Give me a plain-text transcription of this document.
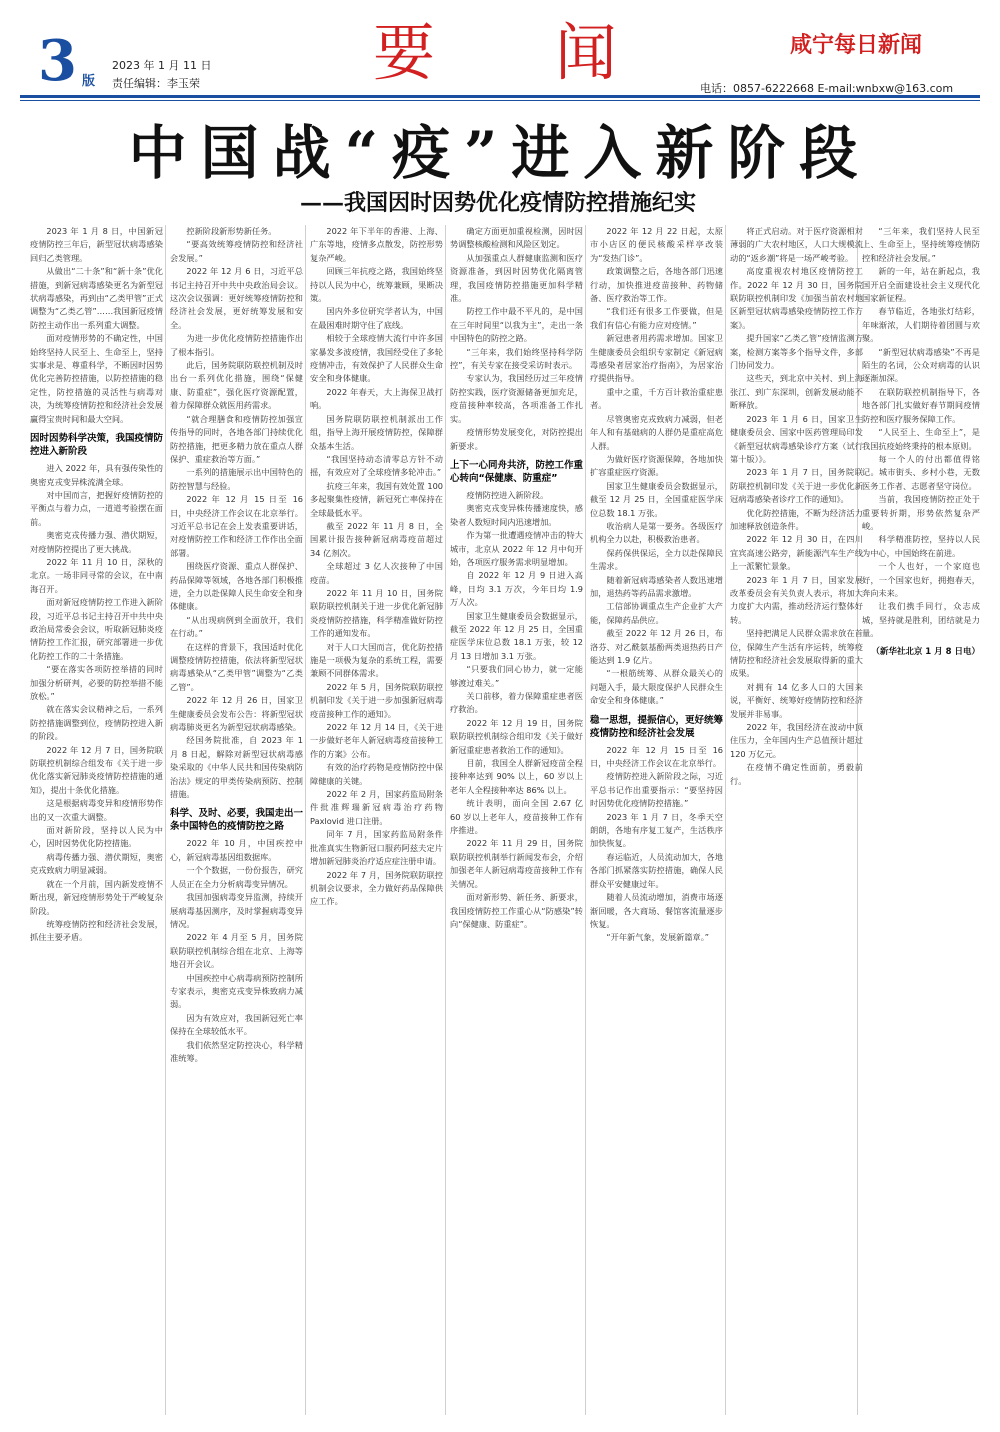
3 版
2023 年 1 月 11 日
责任编辑：李玉荣	要闻	咸宁每日新闻
电话：0857-6222668 E-mail:wnbxw@163.com
中国战“疫”进入新阶段
——我国因时因势优化疫情防控措施纪实

2023 年 1 月 8 日，中国新冠疫情防控三年后，新型冠状病毒感染回归乙类管理。

从做出“二十条”和“新十条”优化措施，到新冠病毒感染更名为新型冠状病毒感染，再到由“乙类甲管”正式调整为“乙类乙管”……我国新冠疫情防控主动作出一系列重大调整。

面对疫情形势的不确定性，中国始终坚持人民至上、生命至上，坚持实事求是、尊重科学，不断因时因势优化完善防控措施，以防控措施的稳定性，防控措施的灵活性与病毒对决，为统筹疫情防控和经济社会发展赢得宝贵时间和最大空间。

因时因势科学决策，我国疫情防控进入新阶段

进入 2022 年，具有强传染性的奥密克戎变异株流满全球。

对中国而言，把握好疫情防控的平衡点与着力点，一道道考验摆在面前。

奥密克戎传播力强、潜伏期短，对疫情防控提出了更大挑战。

2022 年 11 月 10 日，深秋的北京。一场非同寻常的会议，在中南海召开。

面对新冠疫情防控工作进入新阶段，习近平总书记主持召开中共中央政治局常委会会议，听取新冠肺炎疫情防控工作汇报，研究部署进一步优化防控工作的二十条措施。

“要在落实各项防控举措的同时加强分析研判，必要的防控举措不能放松。”

就在落实会议精神之后，一系列防控措施调整到位，疫情防控进入新的阶段。

2022 年 12 月 7 日，国务院联防联控机制综合组发布《关于进一步优化落实新冠肺炎疫情防控措施的通知》，提出十条优化措施。

这是根据病毒变异和疫情形势作出的又一次重大调整。

面对新阶段，坚持以人民为中心，因时因势优化防控措施。

病毒传播力强、潜伏期短，奥密克戎致病力明显减弱。

就在一个月前，国内新发疫情不断出现，新冠疫情形势处于严峻复杂阶段。

统筹疫情防控和经济社会发展，抓住主要矛盾。

控新阶段新形势新任务。

“要高效统筹疫情防控和经济社会发展。”

2022 年 12 月 6 日，习近平总书记主持召开中共中央政治局会议。这次会议强调：更好统筹疫情防控和经济社会发展，更好统筹发展和安全。

为进一步优化疫情防控措施作出了根本指引。

此后，国务院联防联控机制及时出台一系列优化措施，围绕“保健康、防重症”，强化医疗资源配置，着力保障群众就医用药需求。

“就合理膳食和疫情防控加强宣传指导的同时，各地各部门持续优化防控措施，把更多精力放在重点人群保护、重症救治等方面。”

一系列的措施展示出中国特色的防控智慧与经验。

2022 年 12 月 15 日至 16 日，中央经济工作会议在北京举行。习近平总书记在会上发表重要讲话，对疫情防控工作和经济工作作出全面部署。

围绕医疗资源、重点人群保护、药品保障等领域，各地各部门积极推进，全力以赴保障人民生命安全和身体健康。

“从出现病例到全面放开，我们在行动。”

在这样的背景下，我国适时优化调整疫情防控措施，依法将新型冠状病毒感染从“乙类甲管”调整为“乙类乙管”。

2022 年 12 月 26 日，国家卫生健康委员会发布公告：将新型冠状病毒肺炎更名为新型冠状病毒感染。

经国务院批准，自 2023 年 1 月 8 日起，解除对新型冠状病毒感染采取的《中华人民共和国传染病防治法》规定的甲类传染病预防、控制措施。

科学、及时、必要，我国走出一条中国特色的疫情防控之路

2022 年 10 月，中国疾控中心，新冠病毒基因组数据库。

一个个数据，一份份报告，研究人员正在全力分析病毒变异情况。

我国加强病毒变异监测，持续开展病毒基因测序，及时掌握病毒变异情况。

2022 年 4 月至 5 月，国务院联防联控机制综合组在北京、上海等地召开会议。

中国疾控中心病毒病预防控制所专家表示，奥密克戎变异株致病力减弱。

因为有效应对，我国新冠死亡率保持在全球较低水平。

我们依然坚定防控决心，科学精准统筹。

2022 年下半年的香港、上海、广东等地，疫情多点散发，防控形势复杂严峻。

回顾三年抗疫之路，我国始终坚持以人民为中心，统筹兼顾，果断决策。

国内外多位研究学者认为，中国在最困难时期守住了底线。

相较于全球疫情大流行中许多国家暴发多波疫情，我国经受住了多轮疫情冲击，有效保护了人民群众生命安全和身体健康。

2022 年春天，大上海保卫战打响。

国务院联防联控机制派出工作组，指导上海开展疫情防控，保障群众基本生活。

“我国坚持动态清零总方针不动摇，有效应对了全球疫情多轮冲击。”

抗疫三年来，我国有效处置 100 多起聚集性疫情，新冠死亡率保持在全球最低水平。

截至 2022 年 11 月 8 日，全国累计报告接种新冠病毒疫苗超过 34 亿剂次。

全球超过 3 亿人次接种了中国疫苗。

2022 年 11 月 10 日，国务院联防联控机制关于进一步优化新冠肺炎疫情防控措施，科学精准做好防控工作的通知发布。

对于人口大国而言，优化防控措施是一项极为复杂的系统工程，需要兼顾不同群体需求。

2022 年 5 月，国务院联防联控机制印发《关于进一步加强新冠病毒疫苗接种工作的通知》。

2022 年 12 月 14 日，《关于进一步做好老年人新冠病毒疫苗接种工作的方案》公布。

有效的治疗药物是疫情防控中保障健康的关键。

2022 年 2 月，国家药监局附条件批准辉瑞新冠病毒治疗药物 Paxlovid 进口注册。

同年 7 月，国家药监局附条件批准真实生物新冠口服药阿兹夫定片增加新冠肺炎治疗适应症注册申请。

2022 年 7 月，国务院联防联控机制会议要求，全力做好药品保障供应工作。

确定方面更加重视检测，因时因势调整核酸检测和风险区划定。

从加强重点人群健康监测和医疗资源准备，到因时因势优化隔离管理，我国疫情防控措施更加科学精准。

防控工作中最不平凡的，是中国在三年时间里“以我为主”，走出一条中国特色的防控之路。

“三年来，我们始终坚持科学防控”，有关专家在接受采访时表示。

专家认为，我国经历过三年疫情防控实践，医疗资源储备更加充足，疫苗接种率较高，各项准备工作扎实。

疫情形势发展变化，对防控提出新要求。

上下一心同舟共济，防控工作重心转向“保健康、防重症”

疫情防控进入新阶段。

奥密克戎变异株传播速度快，感染者人数短时间内迅速增加。

作为第一批遭遇疫情冲击的特大城市，北京从 2022 年 12 月中旬开始，各项医疗服务需求明显增加。

自 2022 年 12 月 9 日进入高峰，日均 3.1 万次，今年日均 1.9 万人次。

国家卫生健康委员会数据显示，截至 2022 年 12 月 25 日，全国重症医学床位总数 18.1 万张，较 12 月 13 日增加 3.1 万张。

“只要我们同心协力，就一定能够渡过难关。”

关口前移，着力保障重症患者医疗救治。

2022 年 12 月 19 日，国务院联防联控机制综合组印发《关于做好新冠重症患者救治工作的通知》。

目前，我国全人群新冠疫苗全程接种率达到 90% 以上，60 岁以上老年人全程接种率达 86% 以上。

统计表明，面向全国 2.67 亿 60 岁以上老年人，疫苗接种工作有序推进。

2022 年 11 月 29 日，国务院联防联控机制举行新闻发布会，介绍加强老年人新冠病毒疫苗接种工作有关情况。

面对新形势、新任务、新要求，我国疫情防控工作重心从“防感染”转向“保健康、防重症”。

2022 年 12 月 22 日起，太原市小店区的便民核酸采样亭改装为“发热门诊”。

政策调整之后，各地各部门迅速行动，加快推进疫苗接种、药物储备、医疗救治等工作。

“我们还有很多工作要做，但是我们有信心有能力应对疫情。”

新冠患者用药需求增加。国家卫生健康委员会组织专家制定《新冠病毒感染者居家治疗指南》，为居家治疗提供指导。

重中之重，千方百计救治重症患者。

尽管奥密克戎致病力减弱，但老年人和有基础病的人群仍是重症高危人群。

为做好医疗资源保障，各地加快扩容重症医疗资源。

国家卫生健康委员会数据显示，截至 12 月 25 日，全国重症医学床位总数 18.1 万张。

收治病人是第一要务。各级医疗机构全力以赴，积极救治患者。

保药保供保运，全力以赴保障民生需求。

随着新冠病毒感染者人数迅速增加，退热药等药品需求激增。

工信部协调重点生产企业扩大产能，保障药品供应。

截至 2022 年 12 月 26 日，布洛芬、对乙酰氨基酚两类退热药日产能达到 1.9 亿片。

“一根筋统筹、从群众最关心的问题入手，最大限度保护人民群众生命安全和身体健康。”

稳一思想，提振信心，更好统筹疫情防控和经济社会发展

2022 年 12 月 15 日至 16 日，中央经济工作会议在北京举行。

疫情防控进入新阶段之际，习近平总书记作出重要指示：“要坚持因时因势优化疫情防控措施。”

2023 年 1 月 7 日，冬季天空朗朗，各地有序复工复产，生活秩序加快恢复。

春运临近，人员流动加大，各地各部门抓紧落实防控措施，确保人民群众平安健康过年。

随着人员流动增加，消费市场逐渐回暖，各大商场、餐馆客流量逐步恢复。

“开年新气象，发展新篇章。”

将正式启动。对于医疗资源相对薄弱的广大农村地区，人口大规模流动的“返乡潮”将是一场严峻考验。

高度重视农村地区疫情防控工作。2022 年 12 月 30 日，国务院联防联控机制印发《加强当前农村地区新型冠状病毒感染疫情防控工作方案》。

提升国家“乙类乙管”疫情监测方案，检测方案等多个指导文件，多部门协同发力。

这些天，到北京中关村、到上海张江、到广东深圳，创新发展动能不断释放。

2023 年 1 月 6 日，国家卫生健康委员会、国家中医药管理局印发《新型冠状病毒感染诊疗方案（试行第十版）》。

2023 年 1 月 7 日，国务院联防联控机制印发《关于进一步优化新冠病毒感染者诊疗工作的通知》。

优化防控措施，不断为经济活力加速释放创造条件。

2022 年 12 月 30 日，在四川宜宾高速公路旁，新能源汽车生产线上一派繁忙景象。

2023 年 1 月 7 日，国家发展改革委员会有关负责人表示，将加大力度扩大内需，推动经济运行整体好转。

坚持把满足人民群众需求放在首位，保障生产生活有序运转，统筹疫情防控和经济社会发展取得新的重大成果。

对拥有 14 亿多人口的大国来说，平衡好、统筹好疫情防控和经济发展并非易事。

2022 年，我国经济在波动中顶住压力，全年国内生产总值预计超过 120 万亿元。

在疫情不确定性面前，勇毅前行。

“三年来，我们坚持人民至上、生命至上，坚持统筹疫情防控和经济社会发展。”

新的一年，站在新起点，我国开启全面建设社会主义现代化国家新征程。

春节临近，各地张灯结彩，年味渐浓，人们期待着团圆与欢聚。

“新型冠状病毒感染”不再是陌生的名词，公众对病毒的认识逐渐加深。

在联防联控机制指导下，各地各部门扎实做好春节期间疫情防控和医疗服务保障工作。

“人民至上、生命至上”，是我国抗疫始终秉持的根本原则。

每一个人的付出都值得铭记。城市街头、乡村小巷，无数医务工作者、志愿者坚守岗位。

当前，我国疫情防控正处于重要转折期，形势依然复杂严峻。

科学精准防控，坚持以人民为中心，中国始终在前进。

一个人也好，一个家庭也好，一个国家也好，拥抱春天，奔向未来。

让我们携手同行，众志成城，坚持就是胜利，团结就是力量。

（新华社北京 1 月 8 日电）
